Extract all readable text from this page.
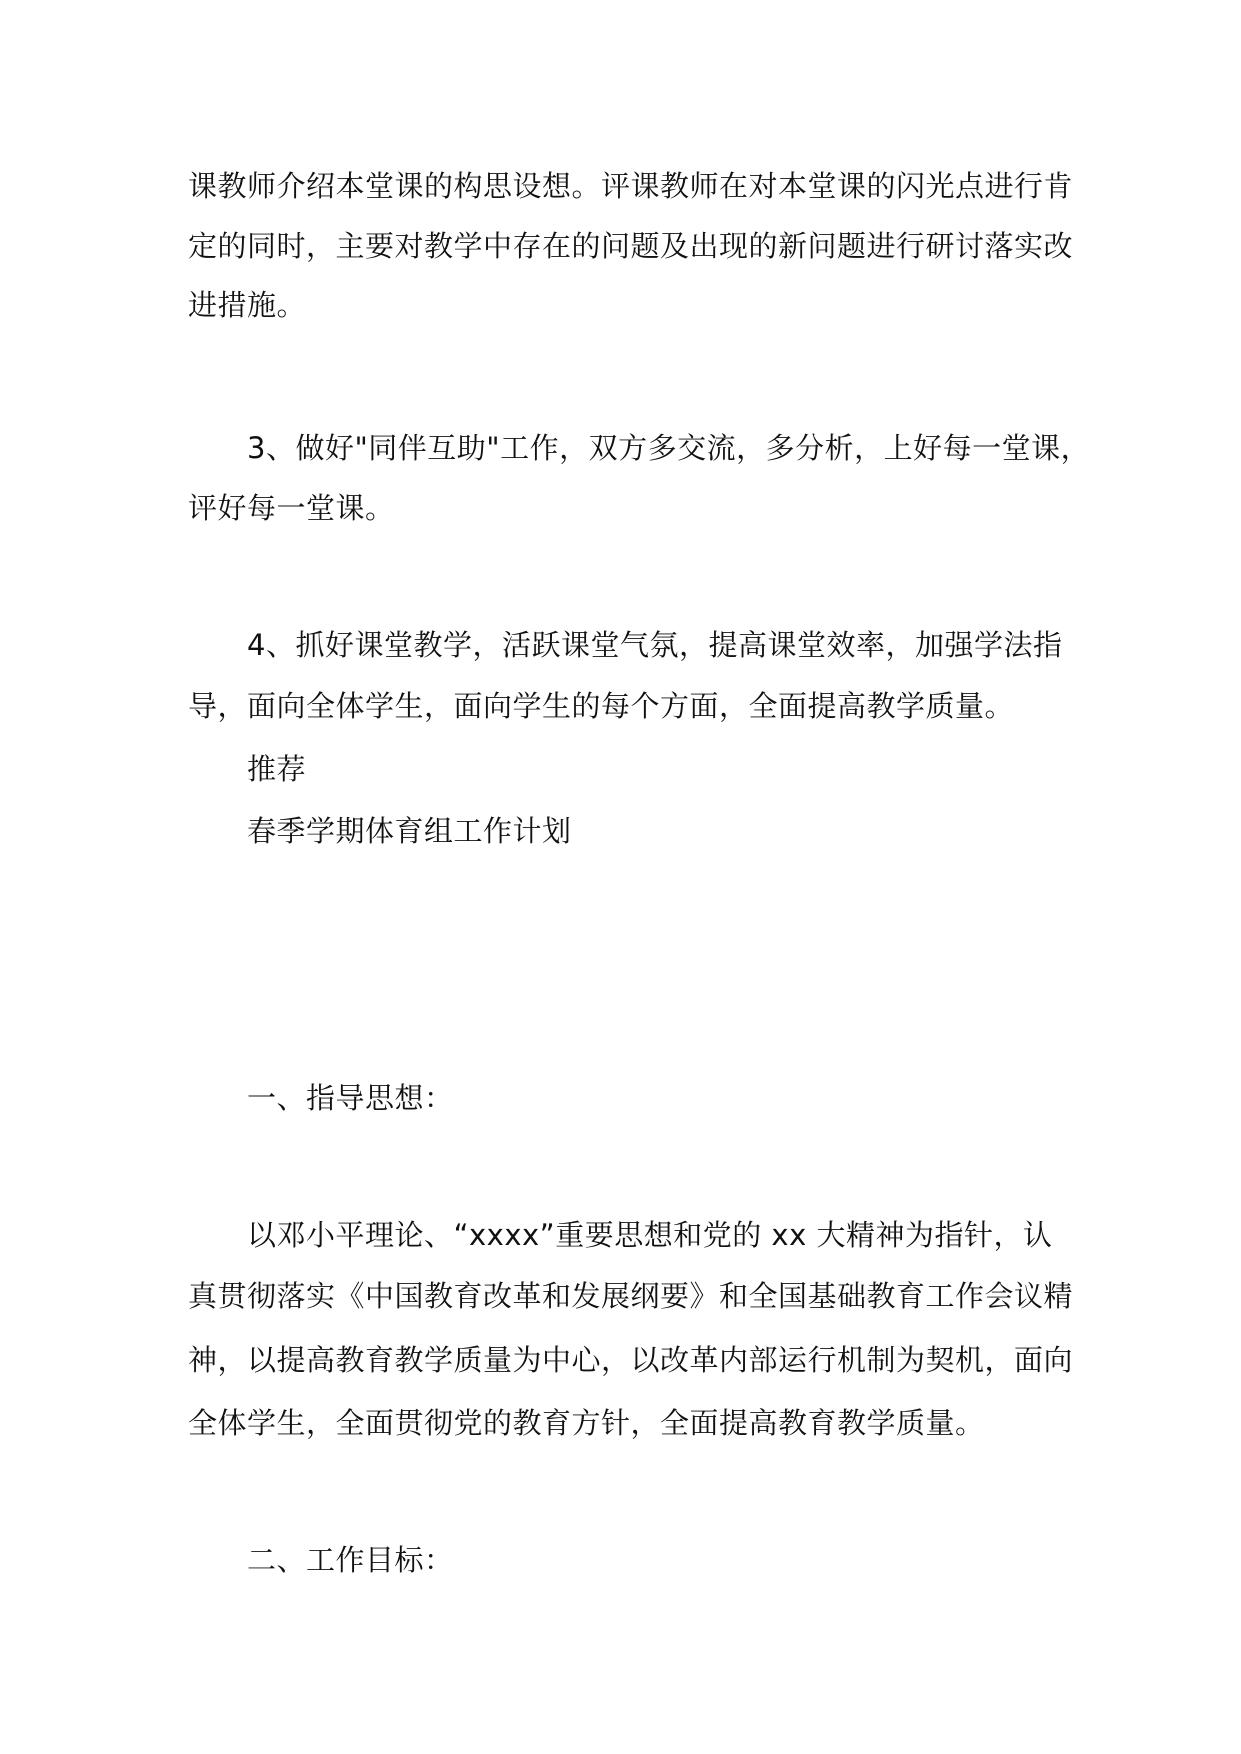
课教师介绍本堂课的构思设想。评课教师在对本堂课的闪光点进行肯
定的同时，主要对教学中存在的问题及出现的新问题进行研讨落实改
进措施。
3、做好"同伴互助"工作，双方多交流，多分析，上好每一堂课，
评好每一堂课。
4、抓好课堂教学，活跃课堂气氛，提高课堂效率，加强学法指
导，面向全体学生，面向学生的每个方面，全面提高教学质量。
推荐
春季学期体育组工作计划
一、指导思想：
以邓小平理论、“xxxx”重要思想和党的 xx 大精神为指针，认
真贯彻落实《中国教育改革和发展纲要》和全国基础教育工作会议精
神，以提高教育教学质量为中心，以改革内部运行机制为契机，面向
全体学生，全面贯彻党的教育方针，全面提高教育教学质量。
二、工作目标：
